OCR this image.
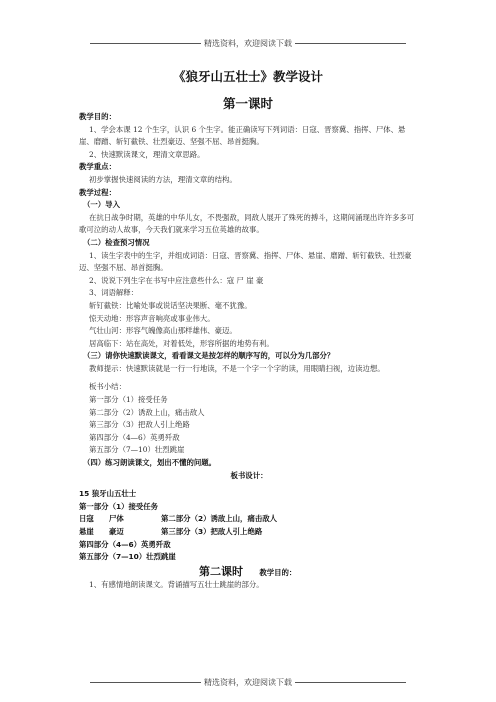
精选资料，欢迎阅读下载
《狼牙山五壮士》教学设计
第一课时

教学目的：

1、学会本课 12 个生字，认识 6 个生字。能正确读写下列词语：日寇、晋察冀、指挥、尸体、悬崖、磨蹭、斩钉截铁、壮烈豪迈、坚强不屈、昂首挺胸。

2、快速默读课文，理清文章思路。

教学重点：

初步掌握快速阅读的方法，理清文章的结构。

教学过程：

（一）导入

在抗日战争时期，英雄的中华儿女，不畏强敌，同敌人展开了殊死的搏斗，这期间涌现出许许多多可歌可泣的动人故事，今天我们就来学习五位英雄的故事。

（二）检查预习情况

1、读生字表中的生字，并组成词语：日寇、晋察冀、指挥、尸体、悬崖、磨蹭、斩钉截铁、壮烈豪迈、坚强不屈、昂首挺胸。

2、说说下列生字在书写中应注意些什么：寇 尸 崖 豪

3、词语解释：

斩钉截铁：比喻处事或说话坚决果断、毫不犹豫。

惊天动地：形容声音响亮或事业伟大。

气壮山河：形容气魄像高山那样雄伟、豪迈。

居高临下：站在高处，对着低处，形容所据的地势有利。

（三）请你快速默读课文，看看课文是按怎样的顺序写的，可以分为几部分？

教师提示：快速默读就是一行一行地读，不是一个字一个字的读，用眼睛扫视，边读边想。

板书小结：

第一部分（1）接受任务

第二部分（2）诱敌上山，痛击敌人

第三部分（3）把敌人引上绝路

第四部分（4—6）英勇歼敌

第五部分（7—10）壮烈跳崖

（四）练习朗读课文，划出不懂的问题。

板书设计：

15 狼牙山五壮士

第一部分（1）接受任务

日寇	尸体	第二部分（2）诱敌上山，痛击敌人
悬崖	豪迈	第三部分（3）把敌人引上绝路

第四部分（4—6）英勇歼敌

第五部分（7—10）壮烈跳崖

第二课时 教学目的：

1、有感情地朗读课文。背诵描写五壮士跳崖的部分。

精选资料，欢迎阅读下载
